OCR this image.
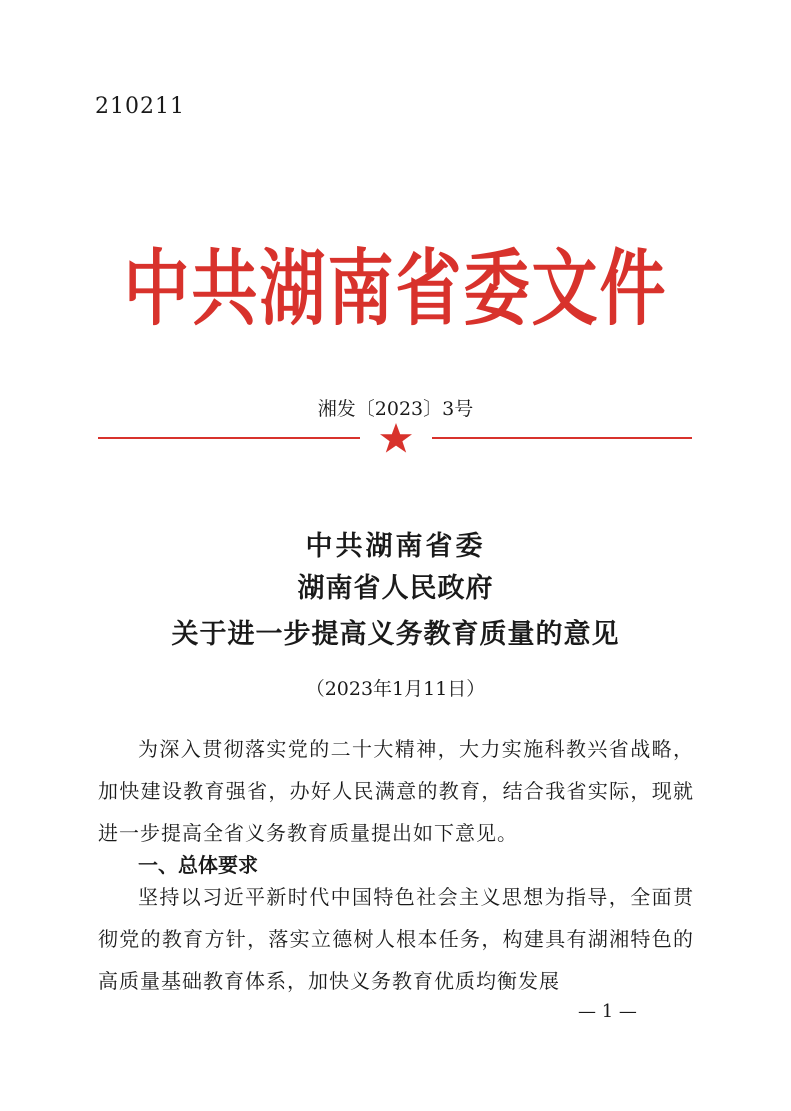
210211
中共湖南省委文件
湘发〔2023〕3号
中共湖南省委
湖南省人民政府
关于进一步提高义务教育质量的意见
（2023年1月11日）

为深入贯彻落实党的二十大精神，大力实施科教兴省战略，加快建设教育强省，办好人民满意的教育，结合我省实际，现就进一步提高全省义务教育质量提出如下意见。

一、总体要求

坚持以习近平新时代中国特色社会主义思想为指导，全面贯彻党的教育方针，落实立德树人根本任务，构建具有湖湘特色的高质量基础教育体系，加快义务教育优质均衡发展

— 1 —
